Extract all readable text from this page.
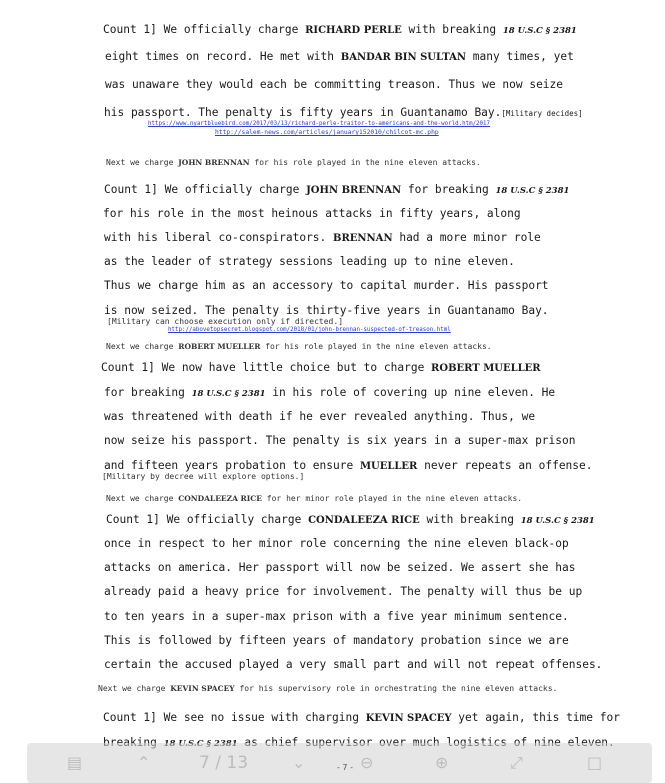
Count 1] We officially charge RICHARD PERLE with breaking 18 U.S.C § 2381
eight times on record. He met with BANDAR BIN SULTAN many times, yet
was unaware they would each be committing treason. Thus we now seize
his passport. The penalty is fifty years in Guantanamo Bay.[Military decides]
https://www.nyartbluebird.com/2017/03/13/richard-perle-traitor-to-americans-and-the-world.htm/2017
http://salem-news.com/articles/january152010/chilcot-mc.php
Next we charge JOHN BRENNAN for his role played in the nine eleven attacks.
Count 1] We officially charge JOHN BRENNAN for breaking 18 U.S.C § 2381
for his role in the most heinous attacks in fifty years, along
with his liberal co-conspirators. BRENNAN had a more minor role
as the leader of strategy sessions leading up to nine eleven.
Thus we charge him as an accessory to capital murder. His passport
is now seized. The penalty is thirty-five years in Guantanamo Bay.
[Military can choose execution only if directed.]
http://abovetopsecret.blogspot.com/2018/01/john-brennan-suspected-of-treason.html
Next we charge ROBERT MUELLER for his role played in the nine eleven attacks.
Count 1] We now have little choice but to charge ROBERT MUELLER
for breaking 18 U.S.C § 2381 in his role of covering up nine eleven. He
was threatened with death if he ever revealed anything. Thus, we
now seize his passport. The penalty is six years in a super-max prison
and fifteen years probation to ensure MUELLER never repeats an offense.
[Military by decree will explore options.]
Next we charge CONDALEEZA RICE for her minor role played in the nine eleven attacks.
Count 1] We officially charge CONDALEEZA RICE with breaking 18 U.S.C § 2381
once in respect to her minor role concerning the nine eleven black-op
attacks on america. Her passport will now be seized. We assert she has
already paid a heavy price for involvement. The penalty will thus be up
to ten years in a super-max prison with a five year minimum sentence.
This is followed by fifteen years of mandatory probation since we are
certain the accused played a very small part and will not repeat offenses.
Next we charge KEVIN SPACEY for his supervisory role in orchestrating the nine eleven attacks.
Count 1] We see no issue with charging KEVIN SPACEY yet again, this time for
▤	⌃	7 / 13	⌄	- 7 - ⊖	⊕	⤢	□
